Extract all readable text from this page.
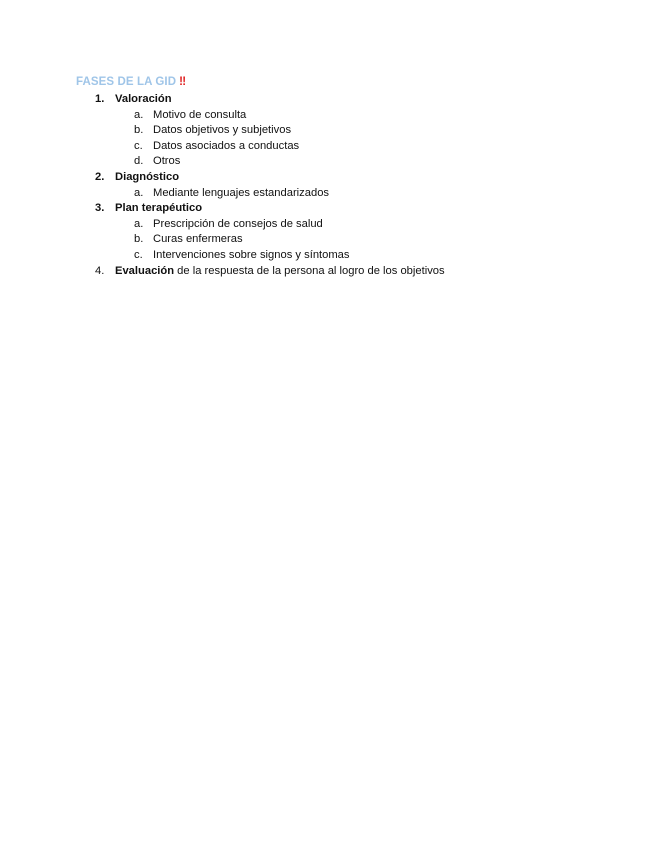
FASES DE LA GID ‼
1. Valoración
a. Motivo de consulta
b. Datos objetivos y subjetivos
c. Datos asociados a conductas
d. Otros
2. Diagnóstico
a. Mediante lenguajes estandarizados
3. Plan terapéutico
a. Prescripción de consejos de salud
b. Curas enfermeras
c. Intervenciones sobre signos y síntomas
4. Evaluación de la respuesta de la persona al logro de los objetivos
